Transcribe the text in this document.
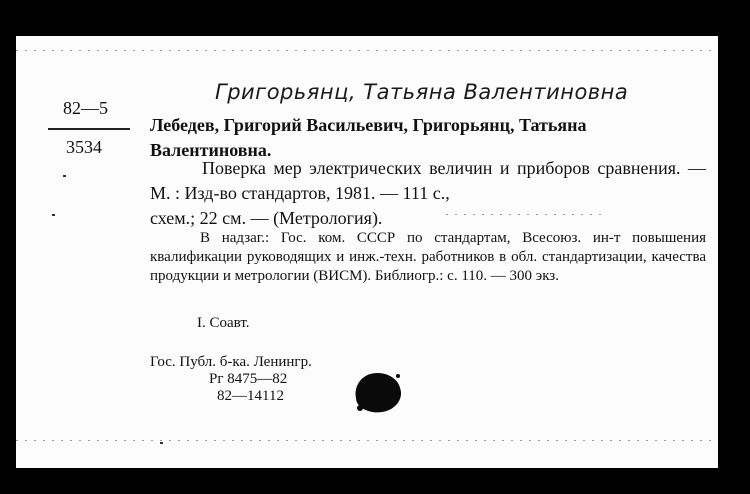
Григорьянц, Татьяна Валентиновна
82—5
3534
Лебедев, Григорий Васильевич, Григорьянц, Татьяна Валентиновна.
Поверка мер электрических величин и приборов сравнения. — М. : Изд-во стандартов, 1981. — 111 с.,
схем.; 22 см. — (Метрология).
В надзаг.: Гос. ком. СССР по стандартам, Всесоюз. ин-т повышения квалификации руководящих и инж.-техн. работников в обл. стандартизации, качества продукции и метрологии (ВИСМ). Библиогр.: с. 110. — 300 экз.
I. Соавт.
Гос. Публ. б-ка. Ленингр.
Рг 8475—82
82—14112
